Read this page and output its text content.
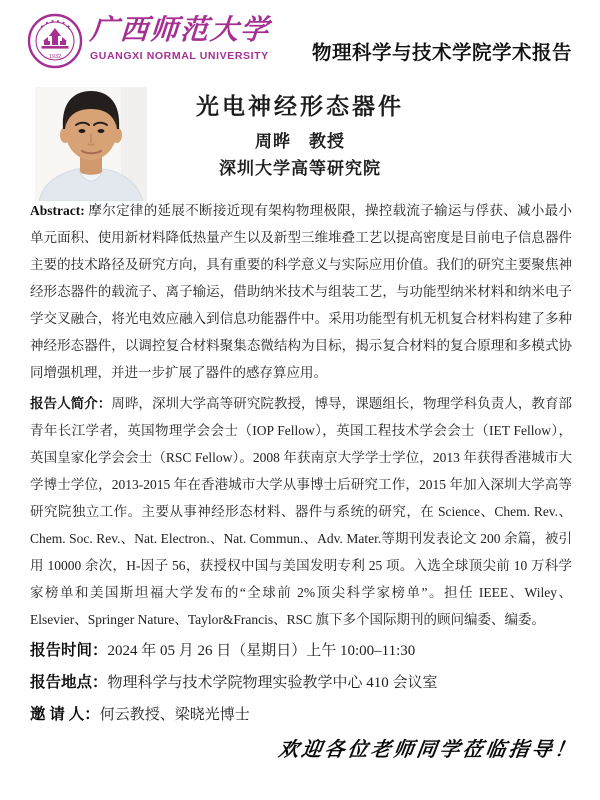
1932
广西师范大学
GUANGXI NORMAL UNIVERSITY 物理科学与技术学院学术报告
光电神经形态器件
周晔　教授
深圳大学高等研究院

Abstract: 摩尔定律的延展不断接近现有架构物理极限，操控载流子输运与俘获、减小最小单元面积、使用新材料降低热量产生以及新型三维堆叠工艺以提高密度是目前电子信息器件主要的技术路径及研究方向，具有重要的科学意义与实际应用价值。我们的研究主要聚焦神经形态器件的载流子、离子输运，借助纳米技术与组装工艺，与功能型纳米材料和纳米电子学交叉融合，将光电效应融入到信息功能器件中。采用功能型有机无机复合材料构建了多种神经形态器件，以调控复合材料聚集态微结构为目标，揭示复合材料的复合原理和多模式协同增强机理，并进一步扩展了器件的感存算应用。

报告人简介：周晔，深圳大学高等研究院教授，博导，课题组长，物理学科负责人，教育部青年长江学者，英国物理学会会士（IOP Fellow），英国工程技术学会会士（IET Fellow），英国皇家化学会会士（RSC Fellow）。2008 年获南京大学学士学位，2013 年获得香港城市大学博士学位，2013-2015 年在香港城市大学从事博士后研究工作，2015 年加入深圳大学高等研究院独立工作。主要从事神经形态材料、器件与系统的研究，在 Science、Chem. Rev.、Chem. Soc. Rev.、Nat. Electron.、Nat. Commun.、Adv. Mater.等期刊发表论文 200 余篇，被引用 10000 余次，H-因子 56，获授权中国与美国发明专利 25 项。入选全球顶尖前 10 万科学家榜单和美国斯坦福大学发布的“全球前 2%顶尖科学家榜单”。担任 IEEE、Wiley、Elsevier、Springer Nature、Taylor&Francis、RSC 旗下多个国际期刊的顾问编委、编委。

报告时间：2024 年 05 月 26 日（星期日）上午 10:00–11:30
报告地点：物理科学与技术学院物理实验教学中心 410 会议室
邀 请 人：何云教授、梁晓光博士
欢迎各位老师同学莅临指导！
